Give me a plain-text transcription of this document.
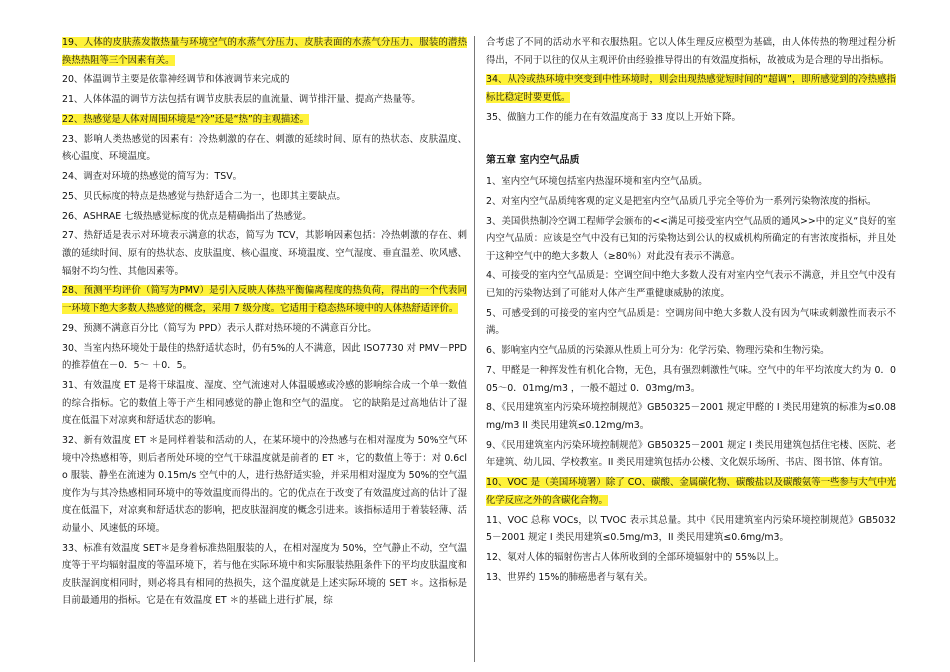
19、人体的皮肤蒸发散热量与环境空气的水蒸气分压力、皮肤表面的水蒸气分压力、服装的潜热换热热阻等三个因素有关。

20、体温调节主要是依靠神经调节和体液调节来完成的

21、人体体温的调节方法包括有调节皮肤表层的血流量、调节排汗量、提高产热量等。

22、热感觉是人体对周围环境是“冷”还是“热”的主观描述。

23、影响人类热感觉的因素有：冷热刺激的存在、刺激的延续时间、原有的热状态、皮肤温度、核心温度、环境温度。

24、调查对环境的热感觉的简写为：TSV。

25、贝氏标度的特点是热感觉与热舒适合二为一，也即其主要缺点。

26、ASHRAE 七级热感觉标度的优点是精确指出了热感觉。

27、热舒适是表示对环境表示满意的状态，简写为 TCV，其影响因素包括：冷热刺激的存在、刺激的延续时间、原有的热状态、皮肤温度、核心温度、环境温度、空气湿度、垂直温差、吹风感、辐射不均匀性、其他因素等。

28、预测平均评价（简写为PMV）是引入反映人体热平衡偏离程度的热负荷，得出的一个代表同一环境下绝大多数人热感觉的概念，采用 7 级分度。它适用于稳态热环境中的人体热舒适评价。

29、预测不满意百分比（简写为 PPD）表示人群对热环境的不满意百分比。

30、当室内热环境处于最佳的热舒适状态时，仍有5%的人不满意，因此 ISO7730 对 PMV－PPD 的推荐值在－0．5～ ＋0．5。

31、有效温度 ET 是将干球温度、湿度、空气流速对人体温暖感或冷感的影响综合成一个单一数值的综合指标。它的数值上等于产生相同感觉的静止饱和空气的温度。 它的缺陷是过高地估计了湿度在低温下对凉爽和舒适状态的影响。

32、新有效温度 ET ＊是同样着装和活动的人，在某环境中的冷热感与在相对湿度为 50%空气环境中冷热感相等，则后者所处环境的空气干球温度就是前者的 ET ＊，它的数值上等于：对 0.6clo 服装、静坐在流速为 0.15m/s 空气中的人，进行热舒适实验，并采用相对湿度为 50%的空气温度作为与其冷热感相同环境中的等效温度而得出的。它的优点在于改变了有效温度过高的估计了湿度在低温下，对凉爽和舒适状态的影响，把皮肤湿润度的概念引进来。该指标适用于着装轻薄、活动量小、风速低的环境。

33、标准有效温度 SET＊是身着标准热阻服装的人，在相对湿度为 50%，空气静止不动，空气温度等于平均辐射温度的等温环境下，若与他在实际环境中和实际服装热阻条件下的平均皮肤温度和皮肤湿润度相同时，则必将具有相同的热损失，这个温度就是上述实际环境的 SET ＊。这指标是目前最通用的指标。它是在有效温度 ET ＊的基础上进行扩展，综

合考虑了不同的活动水平和衣服热阻。它以人体生理反应模型为基础，由人体传热的物理过程分析得出，不同于以往的仅从主观评价由经验推导得出的有效温度指标，故被成为是合理的导出指标。

34、从冷或热环境中突变到中性环境时，则会出现热感觉短时间的“超调”，即所感觉到的冷热感指标比稳定时要更低。

35、做脑力工作的能力在有效温度高于 33 度以上开始下降。

第五章 室内空气品质

1、室内空气环境包括室内热湿环境和室内空气品质。

2、对室内空气品质纯客观的定义是把室内空气品质几乎完全等价为一系列污染物浓度的指标。

3、美国供热制冷空调工程师学会颁布的<<满足可接受室内空气品质的通风>>中的定义“良好的室内空气品质：应该是空气中没有已知的污染物达到公认的权威机构所确定的有害浓度指标，并且处于这种空气中的绝大多数人（≥80％）对此没有表示不满意。

4、可接受的室内空气品质是：空调空间中绝大多数人没有对室内空气表示不满意，并且空气中没有已知的污染物达到了可能对人体产生严重健康威胁的浓度。

5、可感受到的可接受的室内空气品质是：空调房间中绝大多数人没有因为气味或刺激性而表示不满。

6、影响室内空气品质的污染源从性质上可分为：化学污染、物理污染和生物污染。

7、甲醛是一种挥发性有机化合物，无色，具有强烈刺激性气味。空气中的年平均浓度大约为 0．005～0．01mg/m3 ，一般不超过 0．03mg/m3。

8、《民用建筑室内污染环境控制规范》GB50325－2001 规定甲醛的 I 类民用建筑的标准为≤0.08mg/m3 II 类民用建筑≤0.12mg/m3。

9、《民用建筑室内污染环境控制规范》GB50325－2001 规定 I 类民用建筑包括住宅楼、医院、老年建筑、幼儿园、学校教室。II 类民用建筑包括办公楼、文化娱乐场所、书店、图书馆、体育馆。

10、VOC 是（美国环境署）除了 CO、碳酸、金属碳化物、碳酸盐以及碳酸氨等一些参与大气中光化学反应之外的含碳化合物。

11、VOC 总称 VOCs，以 TVOC 表示其总量。其中《民用建筑室内污染环境控制规范》GB50325－2001 规定 I 类民用建筑≤0.5mg/m3，II 类民用建筑≤0.6mg/m3。

12、氡对人体的辐射伤害占人体所收到的全部环境辐射中的 55%以上。

13、世界约 15%的肺癌患者与氡有关。
